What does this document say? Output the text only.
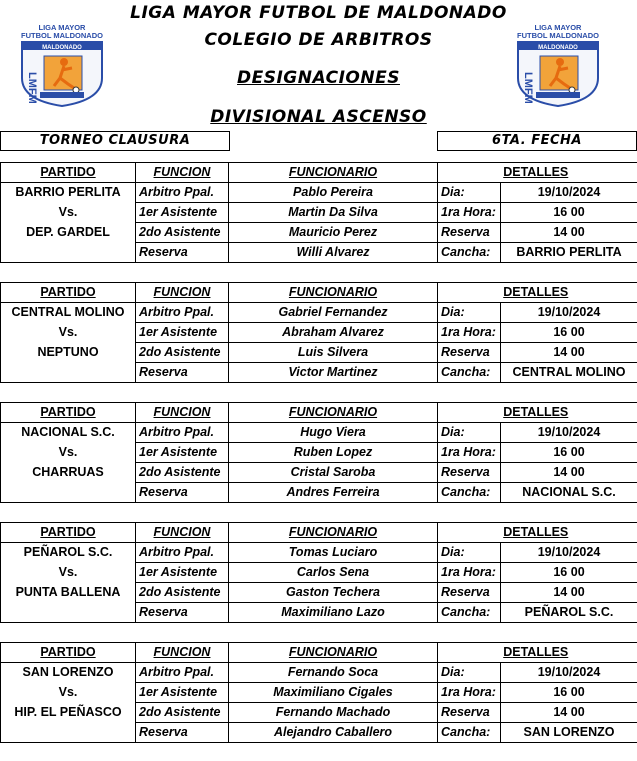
LIGA MAYOR FUTBOL DE MALDONADO
COLEGIO DE ARBITROS
DESIGNACIONES
DIVISIONAL ASCENSO
LIGA MAYOR
FUTBOL MALDONADO
MALDONADO
LMFM
LIGA MAYOR
FUTBOL MALDONADO
MALDONADO
LMFM
TORNEO CLAUSURA	6TA. FECHA
PARTIDO	FUNCION	FUNCIONARIO		DETALLES
BARRIO PERLITA	Arbitro Ppal.	Pablo Pereira	Dia:	19/10/2024
Vs.	1er Asistente	Martin Da Silva	1ra Hora:	16 00
DEP. GARDEL	2do Asistente	Mauricio Perez	Reserva	14 00
	Reserva	Willi Alvarez	Cancha:	BARRIO PERLITA
PARTIDO	FUNCION	FUNCIONARIO		DETALLES
CENTRAL MOLINO	Arbitro Ppal.	Gabriel Fernandez	Dia:	19/10/2024
Vs.	1er Asistente	Abraham Alvarez	1ra Hora:	16 00
NEPTUNO	2do Asistente	Luis Silvera	Reserva	14 00
	Reserva	Victor Martinez	Cancha:	CENTRAL MOLINO
PARTIDO	FUNCION	FUNCIONARIO		DETALLES
NACIONAL S.C.	Arbitro Ppal.	Hugo Viera	Dia:	19/10/2024
Vs.	1er Asistente	Ruben Lopez	1ra Hora:	16 00
CHARRUAS	2do Asistente	Cristal Saroba	Reserva	14 00
	Reserva	Andres Ferreira	Cancha:	NACIONAL S.C.
PARTIDO	FUNCION	FUNCIONARIO		DETALLES
PEÑAROL S.C.	Arbitro Ppal.	Tomas Luciaro	Dia:	19/10/2024
Vs.	1er Asistente	Carlos Sena	1ra Hora:	16 00
PUNTA BALLENA	2do Asistente	Gaston Techera	Reserva	14 00
	Reserva	Maximiliano Lazo	Cancha:	PEÑAROL S.C.
PARTIDO	FUNCION	FUNCIONARIO		DETALLES
SAN LORENZO	Arbitro Ppal.	Fernando Soca	Dia:	19/10/2024
Vs.	1er Asistente	Maximiliano Cigales	1ra Hora:	16 00
HIP. EL PEÑASCO	2do Asistente	Fernando Machado	Reserva	14 00
	Reserva	Alejandro Caballero	Cancha:	SAN LORENZO
